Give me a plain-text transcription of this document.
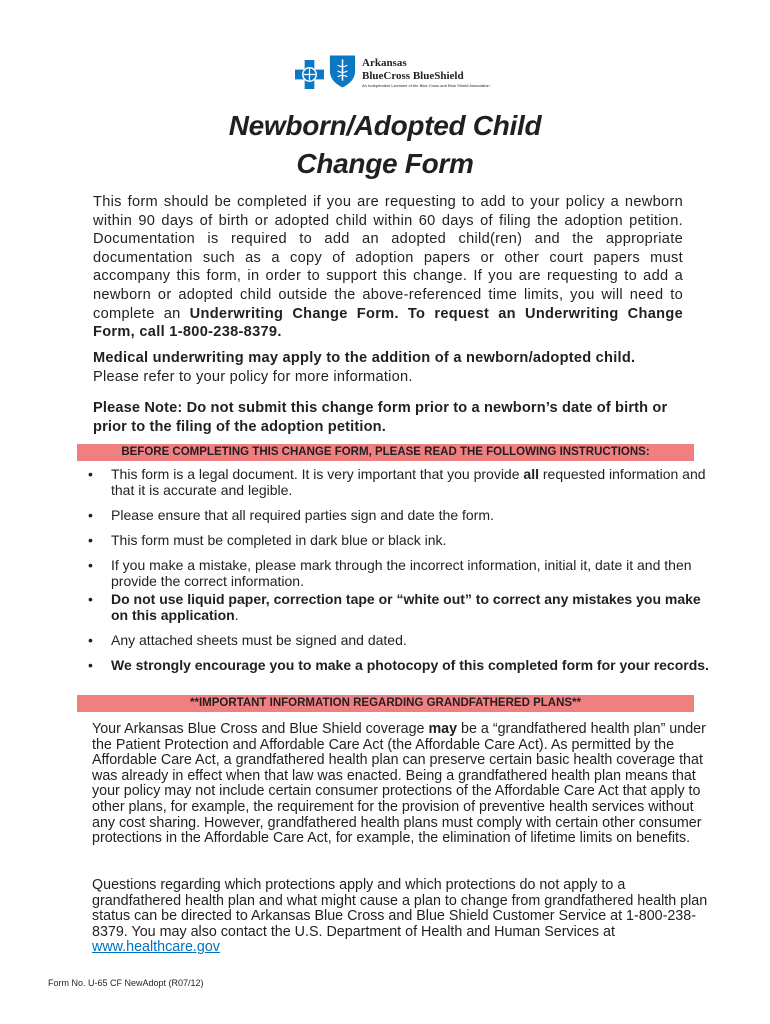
Arkansas
BlueCross BlueShield
An Independent Licensee of the Blue Cross and Blue Shield Association
Newborn/Adopted Child
Change Form

This form should be completed if you are requesting to add to your policy a newborn within 90 days of birth or adopted child within 60 days of filing the adoption petition. Documentation is required to add an adopted child(ren) and the appropriate documentation such as a copy of adoption papers or other court papers must accompany this form, in order to support this change. If you are requesting to add a newborn or adopted child outside the above-referenced time limits, you will need to complete an Underwriting Change Form. To request an Underwriting Change Form, call 1-800-238-8379.

Medical underwriting may apply to the addition of a newborn/adopted child.
Please refer to your policy for more information.

Please Note: Do not submit this change form prior to a newborn’s date of birth or prior to the filing of the adoption petition.

BEFORE COMPLETING THIS CHANGE FORM, PLEASE READ THE FOLLOWING INSTRUCTIONS:
• This form is a legal document. It is very important that you provide all requested information and that it is accurate and legible.
• Please ensure that all required parties sign and date the form.
• This form must be completed in dark blue or black ink.
• If you make a mistake, please mark through the incorrect information, initial it, date it and then provide the correct information.
• Do not use liquid paper, correction tape or “white out” to correct any mistakes you make on this application.
• Any attached sheets must be signed and dated.
• We strongly encourage you to make a photocopy of this completed form for your records.
**IMPORTANT INFORMATION REGARDING GRANDFATHERED PLANS**

Your Arkansas Blue Cross and Blue Shield coverage may be a “grandfathered health plan” under the Patient Protection and Affordable Care Act (the Affordable Care Act). As permitted by the Affordable Care Act, a grandfathered health plan can preserve certain basic health coverage that was already in effect when that law was enacted. Being a grandfathered health plan means that your policy may not include certain consumer protections of the Affordable Care Act that apply to other plans, for example, the requirement for the provision of preventive health services without any cost sharing. However, grandfathered health plans must comply with certain other consumer protections in the Affordable Care Act, for example, the elimination of lifetime limits on benefits.

Questions regarding which protections apply and which protections do not apply to a grandfathered health plan and what might cause a plan to change from grandfathered health plan status can be directed to Arkansas Blue Cross and Blue Shield Customer Service at 1-800-238-8379. You may also contact the U.S. Department of Health and Human Services at www.healthcare.gov

Form No. U-65 CF NewAdopt (R07/12)
